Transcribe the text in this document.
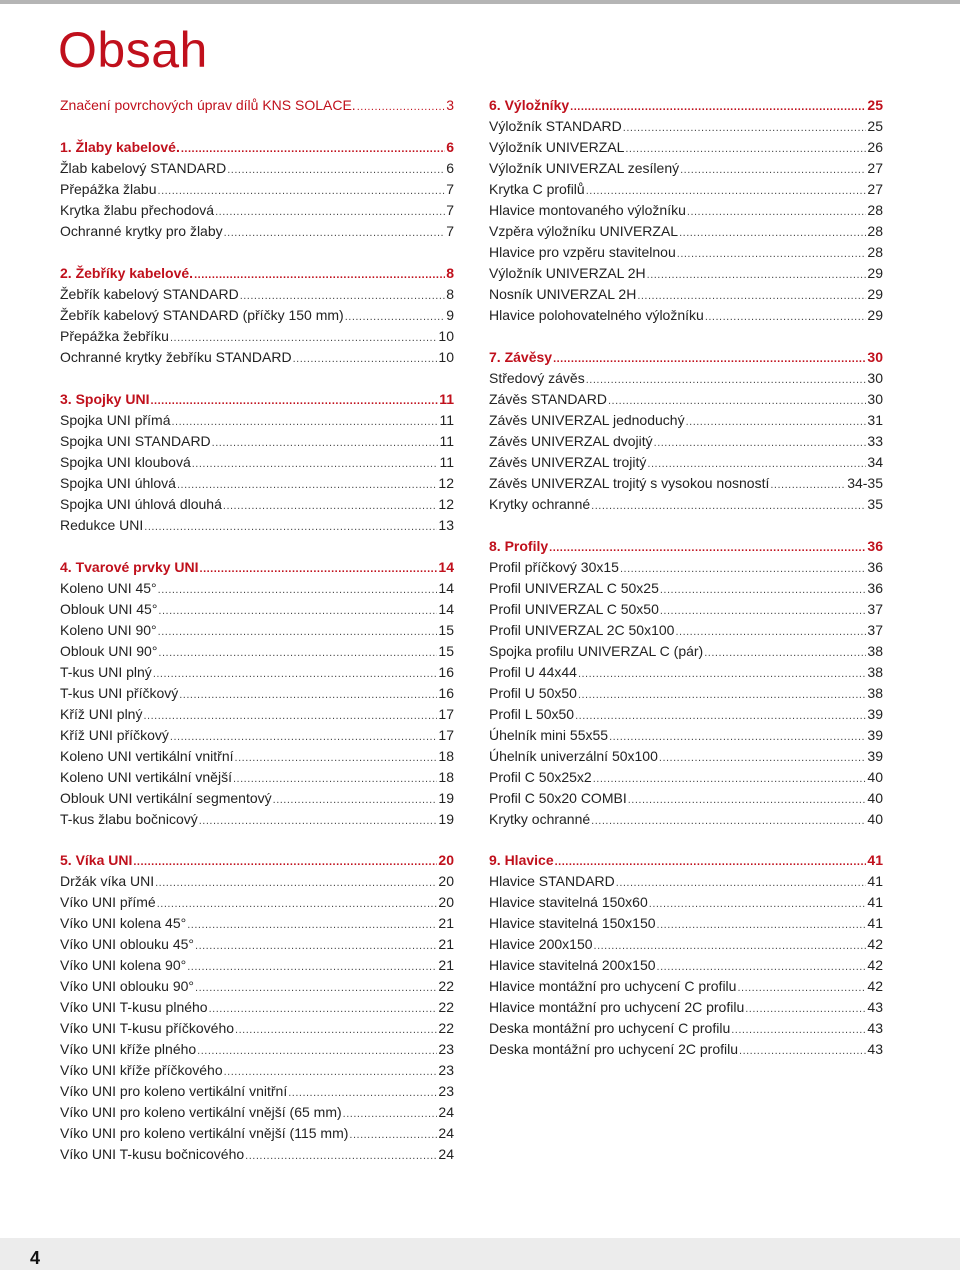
Obsah
Značení povrchových úprav dílů KNS SOLACE. .....	3
1. Žlaby kabelové. .....	6
Žlab kabelový STANDARD .....	6
Přepážka žlabu .....	7
Krytka žlabu přechodová .....	7
Ochranné krytky pro žlaby .....	7
2. Žebříky kabelové. .....	8
Žebřík kabelový STANDARD .....	8
Žebřík kabelový STANDARD (příčky 150 mm) .....	9
Přepážka žebříku .....	10
Ochranné krytky žebříku STANDARD .....	10
3. Spojky UNI .....	11
Spojka UNI přímá .....	11
Spojka UNI STANDARD .....	11
Spojka UNI kloubová .....	11
Spojka UNI úhlová .....	12
Spojka UNI úhlová dlouhá .....	12
Redukce UNI .....	13
4. Tvarové prvky UNI .....	14
Koleno UNI 45° .....	14
Oblouk UNI 45° .....	14
Koleno UNI 90° .....	15
Oblouk UNI 90° .....	15
T-kus UNI plný .....	16
T-kus UNI příčkový .....	16
Kříž UNI plný .....	17
Kříž UNI příčkový .....	17
Koleno UNI vertikální vnitřní .....	18
Koleno UNI vertikální vnější .....	18
Oblouk UNI vertikální segmentový .....	19
T-kus žlabu bočnicový .....	19
5. Víka UNI .....	20
Držák víka UNI .....	20
Víko UNI přímé .....	20
Víko UNI kolena 45° .....	21
Víko UNI oblouku 45° .....	21
Víko UNI kolena 90° .....	21
Víko UNI oblouku 90° .....	22
Víko UNI T-kusu plného .....	22
Víko UNI T-kusu příčkového .....	22
Víko UNI kříže plného .....	23
Víko UNI kříže příčkového .....	23
Víko UNI pro koleno vertikální vnitřní .....	23
Víko UNI pro koleno vertikální vnější (65 mm) .....	24
Víko UNI pro koleno vertikální vnější (115 mm) .....	24
Víko UNI T-kusu bočnicového .....	24
6. Výložníky .....	25
Výložník STANDARD .....	25
Výložník UNIVERZAL .....	26
Výložník UNIVERZAL zesílený .....	27
Krytka C profilů .....	27
Hlavice montovaného výložníku .....	28
Vzpěra výložníku UNIVERZAL .....	28
Hlavice pro vzpěru stavitelnou .....	28
Výložník UNIVERZAL 2H .....	29
Nosník UNIVERZAL 2H .....	29
Hlavice polohovatelného výložníku .....	29
7. Závěsy .....	30
Středový závěs .....	30
Závěs STANDARD .....	30
Závěs UNIVERZAL jednoduchý .....	31
Závěs UNIVERZAL dvojitý .....	33
Závěs UNIVERZAL trojitý .....	34
Závěs UNIVERZAL trojitý s vysokou nosností .....	34-35
Krytky ochranné .....	35
8. Profily .....	36
Profil příčkový 30x15 .....	36
Profil UNIVERZAL C 50x25 .....	36
Profil UNIVERZAL C 50x50 .....	37
Profil UNIVERZAL 2C 50x100 .....	37
Spojka profilu UNIVERZAL C (pár) .....	38
Profil U 44x44 .....	38
Profil U 50x50 .....	38
Profil L 50x50 .....	39
Úhelník mini 55x55 .....	39
Úhelník univerzální 50x100 .....	39
Profil C 50x25x2 .....	40
Profil C 50x20 COMBI .....	40
Krytky ochranné .....	40
9. Hlavice .....	41
Hlavice STANDARD .....	41
Hlavice stavitelná 150x60 .....	41
Hlavice stavitelná 150x150 .....	41
Hlavice 200x150 .....	42
Hlavice stavitelná 200x150 .....	42
Hlavice montážní pro uchycení C profilu .....	42
Hlavice montážní pro uchycení 2C profilu .....	43
Deska montážní pro uchycení C profilu .....	43
Deska montážní pro uchycení 2C profilu .....	43
4
